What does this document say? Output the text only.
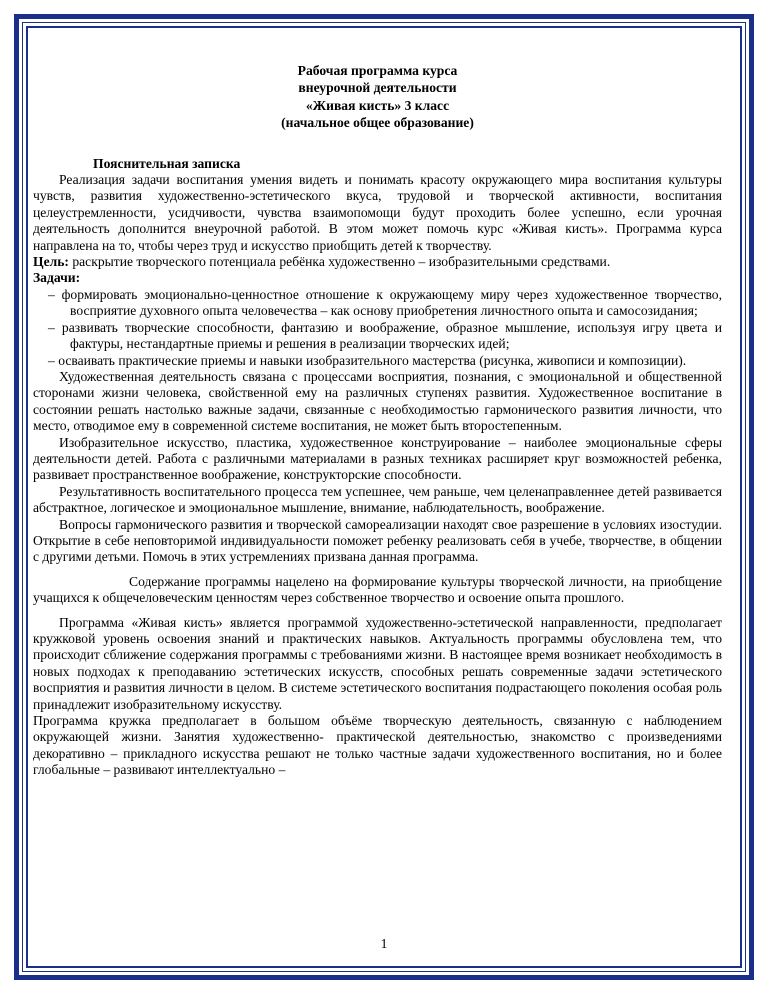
Рабочая программа курса
внеурочной деятельности
«Живая кисть» 3 класс
(начальное общее образование)
Пояснительная записка

Реализация задачи воспитания умения видеть и понимать красоту окружающего мира воспитания культуры чувств, развития художественно-эстетического вкуса, трудовой и творческой активности, воспитания целеустремленности, усидчивости, чувства взаимопомощи будут проходить более успешно, если урочная деятельность дополнится внеурочной работой. В этом может помочь курс «Живая кисть». Программа курса направлена на то, чтобы через труд и искусство приобщить детей к творчеству.

Цель: раскрытие творческого потенциала ребёнка художественно – изобразительными средствами.

Задачи:

– формировать эмоционально-ценностное отношение к окружающему миру через художественное творчество, восприятие духовного опыта человечества – как основу приобретения личностного опыта и самосозидания;

– развивать творческие способности, фантазию и воображение, образное мышление, используя игру цвета и фактуры, нестандартные приемы и решения в реализации творческих идей;

– осваивать практические приемы и навыки изобразительного мастерства (рисунка, живописи и композиции).

Художественная деятельность связана с процессами восприятия, познания, с эмоциональной и общественной сторонами жизни человека, свойственной ему на различных ступенях развития. Художественное воспитание в состоянии решать настолько важные задачи, связанные с необходимостью гармонического развития личности, что место, отводимое ему в современной системе воспитания, не может быть второстепенным.

Изобразительное искусство, пластика, художественное конструирование – наиболее эмоциональные сферы деятельности детей. Работа с различными материалами в разных техниках расширяет круг возможностей ребенка, развивает пространственное воображение, конструкторские способности.

Результативность воспитательного процесса тем успешнее, чем раньше, чем целенаправленнее детей развивается абстрактное, логическое и эмоциональное мышление, внимание, наблюдательность, воображение.

Вопросы гармонического развития и творческой самореализации находят свое разрешение в условиях изостудии. Открытие в себе неповторимой индивидуальности поможет ребенку реализовать себя в учебе, творчестве, в общении с другими детьми. Помочь в этих устремлениях призвана данная программа.

Содержание программы нацелено на формирование культуры творческой личности, на приобщение учащихся к общечеловеческим ценностям через собственное творчество и освоение опыта прошлого.

Программа «Живая кисть» является программой художественно-эстетической направленности, предполагает кружковой уровень освоения знаний и практических навыков. Актуальность программы обусловлена тем, что происходит сближение содержания программы с требованиями жизни. В настоящее время возникает необходимость в новых подходах к преподаванию эстетических искусств, способных решать современные задачи эстетического восприятия и развития личности в целом. В системе эстетического воспитания подрастающего поколения особая роль принадлежит изобразительному искусству.

Программа кружка предполагает в большом объёме творческую деятельность, связанную с наблюдением окружающей жизни. Занятия художественно- практической деятельностью, знакомство с произведениями декоративно – прикладного искусства решают не только частные задачи художественного воспитания, но и более глобальные – развивают интеллектуально –

1
